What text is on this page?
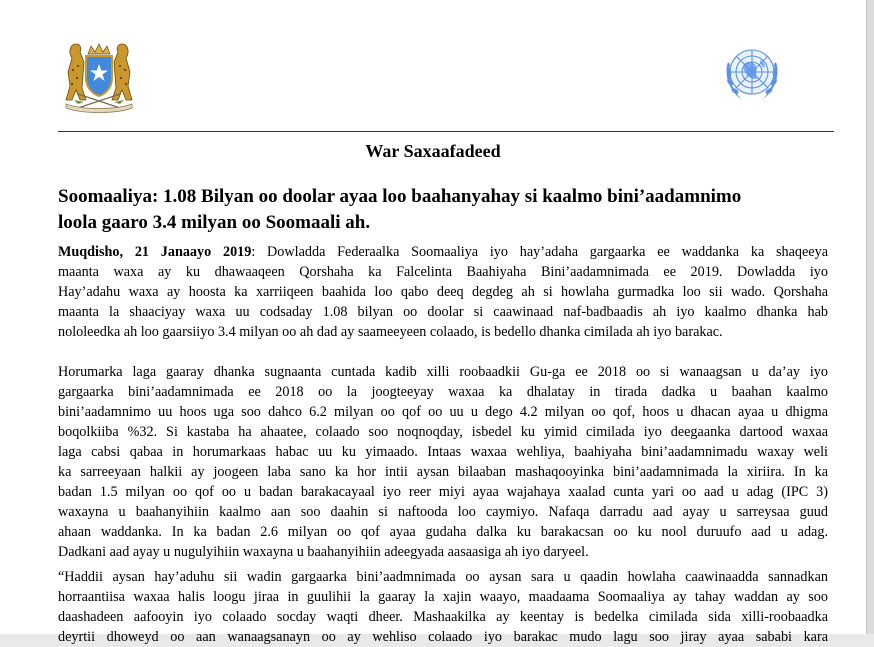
War Saxaafadeed
Soomaaliya: 1.08 Bilyan oo doolar ayaa loo baahanyahay si kaalmo bini’aadamnimo
loola gaaro 3.4 milyan oo Soomaali ah.
Muqdisho, 21 Janaayo 2019: Dowladda Federaalka Soomaaliya iyo hay’adaha gargaarka ee waddanka ka shaqeeya
maanta waxa ay ku dhawaaqeen Qorshaha ka Falcelinta Baahiyaha Bini’aadamnimada ee 2019. Dowladda iyo
Hay’adahu waxa ay hoosta ka xarriiqeen baahida loo qabo deeq degdeg ah si howlaha gurmadka loo sii wado. Qorshaha
maanta la shaaciyay waxa uu codsaday 1.08 bilyan oo doolar si caawinaad naf-badbaadis ah iyo kaalmo dhanka hab
nololeedka ah loo gaarsiiyo 3.4 milyan oo ah dad ay saameeyeen colaado, is bedello dhanka cimilada ah iyo barakac.
Horumarka laga gaaray dhanka sugnaanta cuntada kadib xilli roobaadkii Gu-ga ee 2018 oo si wanaagsan u da’ay iyo
gargaarka bini’aadamnimada ee 2018 oo la joogteeyay waxaa ka dhalatay in tirada dadka u baahan kaalmo
bini’aadamnimo uu hoos uga soo dahco 6.2 milyan oo qof oo uu u dego 4.2 milyan oo qof, hoos u dhacan ayaa u dhigma
boqolkiiba %32. Si kastaba ha ahaatee, colaado soo noqnoqday, isbedel ku yimid cimilada iyo deegaanka dartood waxaa
laga cabsi qabaa in horumarkaas habac uu ku yimaado. Intaas waxaa wehliya, baahiyaha bini’aadamnimadu waxay weli
ka sarreeyaan halkii ay joogeen laba sano ka hor intii aysan bilaaban mashaqooyinka bini’aadamnimada la xiriira. In ka
badan 1.5 milyan oo qof oo u badan barakacayaal iyo reer miyi ayaa wajahaya xaalad cunta yari oo aad u adag (IPC 3)
waxayna u baahanyihiin kaalmo aan soo daahin si naftooda loo caymiyo. Nafaqa darradu aad ayay u sarreysaa guud
ahaan waddanka. In ka badan 2.6 milyan oo qof ayaa gudaha dalka ku barakacsan oo ku nool duruufo aad u adag.
Dadkani aad ayay u nugulyihiin waxayna u baahanyihiin adeegyada aasaasiga ah iyo daryeel.
“Haddii aysan hay’aduhu sii wadin gargaarka bini’aadmnimada oo aysan sara u qaadin howlaha caawinaadda sannadkan
horraantiisa waxaa halis loogu jiraa in guulihii la gaaray la xajin waayo, maadaama Soomaaliya ay tahay waddan ay soo
daashadeen aafooyin iyo colaado socday waqti dheer. Mashaakilka ay keentay is bedelka cimilada sida xilli-roobaadka
deyrtii dhoweyd oo aan wanaagsanayn oo ay wehliso colaado iyo barakac mudo lagu soo jiray ayaa sababi kara
